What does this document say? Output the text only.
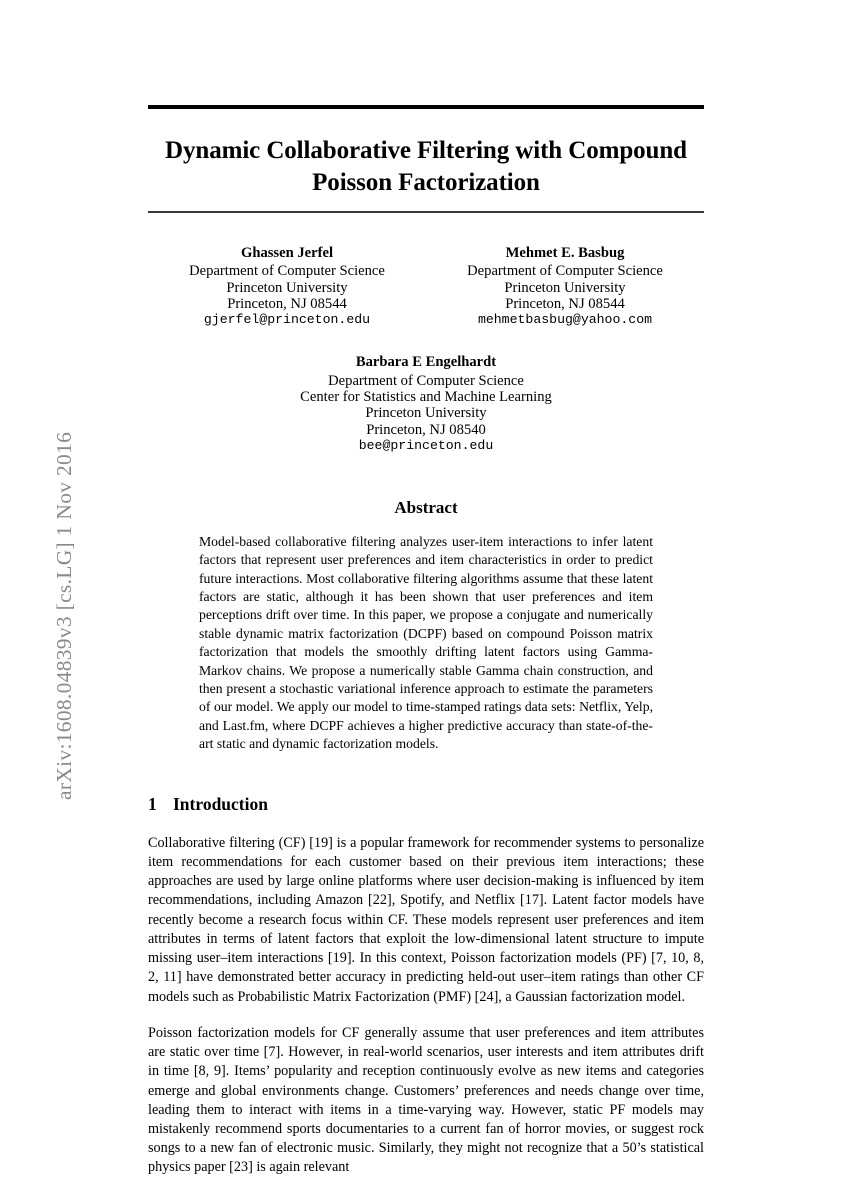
arXiv:1608.04839v3 [cs.LG] 1 Nov 2016
Dynamic Collaborative Filtering with Compound Poisson Factorization
Ghassen Jerfel
Department of Computer Science
Princeton University
Princeton, NJ 08544
gjerfel@princeton.edu
Mehmet E. Basbug
Department of Computer Science
Princeton University
Princeton, NJ 08544
mehmetbasbug@yahoo.com
Barbara E Engelhardt
Department of Computer Science
Center for Statistics and Machine Learning
Princeton University
Princeton, NJ 08540
bee@princeton.edu
Abstract
Model-based collaborative filtering analyzes user-item interactions to infer latent factors that represent user preferences and item characteristics in order to predict future interactions. Most collaborative filtering algorithms assume that these latent factors are static, although it has been shown that user preferences and item perceptions drift over time. In this paper, we propose a conjugate and numerically stable dynamic matrix factorization (DCPF) based on compound Poisson matrix factorization that models the smoothly drifting latent factors using Gamma-Markov chains. We propose a numerically stable Gamma chain construction, and then present a stochastic variational inference approach to estimate the parameters of our model. We apply our model to time-stamped ratings data sets: Netflix, Yelp, and Last.fm, where DCPF achieves a higher predictive accuracy than state-of-the-art static and dynamic factorization models.
1 Introduction
Collaborative filtering (CF) [19] is a popular framework for recommender systems to personalize item recommendations for each customer based on their previous item interactions; these approaches are used by large online platforms where user decision-making is influenced by item recommendations, including Amazon [22], Spotify, and Netflix [17]. Latent factor models have recently become a research focus within CF. These models represent user preferences and item attributes in terms of latent factors that exploit the low-dimensional latent structure to impute missing user–item interactions [19]. In this context, Poisson factorization models (PF) [7, 10, 8, 2, 11] have demonstrated better accuracy in predicting held-out user–item ratings than other CF models such as Probabilistic Matrix Factorization (PMF) [24], a Gaussian factorization model.
Poisson factorization models for CF generally assume that user preferences and item attributes are static over time [7]. However, in real-world scenarios, user interests and item attributes drift in time [8, 9]. Items’ popularity and reception continuously evolve as new items and categories emerge and global environments change. Customers’ preferences and needs change over time, leading them to interact with items in a time-varying way. However, static PF models may mistakenly recommend sports documentaries to a current fan of horror movies, or suggest rock songs to a new fan of electronic music. Similarly, they might not recognize that a 50’s statistical physics paper [23] is again relevant
